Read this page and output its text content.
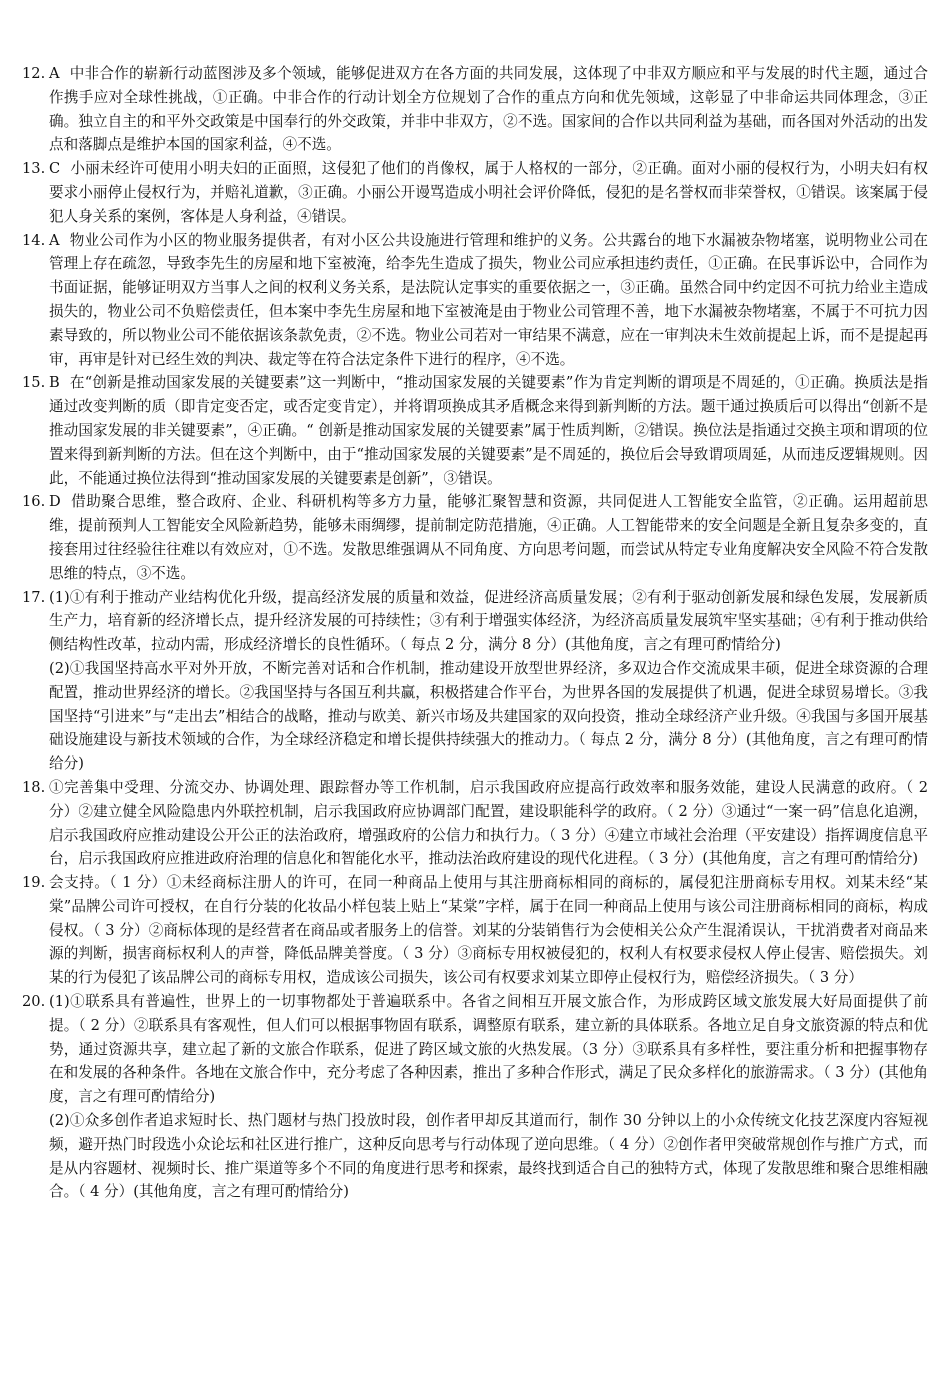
12. A 中非合作的崭新行动蓝图涉及多个领域，能够促进双方在各方面的共同发展，这体现了中非双方顺应和平与发展的时代主题，通过合作携手应对全球性挑战，①正确。中非合作的行动计划全方位规划了合作的重点方向和优先领域，这彰显了中非命运共同体理念，③正确。独立自主的和平外交政策是中国奉行的外交政策，并非中非双方，②不选。国家间的合作以共同利益为基础，而各国对外活动的出发点和落脚点是维护本国的国家利益，④不选。
13. C 小丽未经许可使用小明夫妇的正面照，这侵犯了他们的肖像权，属于人格权的一部分，②正确。面对小丽的侵权行为，小明夫妇有权要求小丽停止侵权行为，并赔礼道歉，③正确。小丽公开谩骂造成小明社会评价降低，侵犯的是名誉权而非荣誉权，①错误。该案属于侵犯人身关系的案例，客体是人身利益，④错误。
14. A 物业公司作为小区的物业服务提供者，有对小区公共设施进行管理和维护的义务。公共露台的地下水漏被杂物堵塞，说明物业公司在管理上存在疏忽，导致李先生的房屋和地下室被淹，给李先生造成了损失，物业公司应承担违约责任，①正确。在民事诉讼中，合同作为书面证据，能够证明双方当事人之间的权利义务关系，是法院认定事实的重要依据之一，③正确。虽然合同中约定因不可抗力给业主造成损失的，物业公司不负赔偿责任，但本案中李先生房屋和地下室被淹是由于物业公司管理不善，地下水漏被杂物堵塞，不属于不可抗力因素导致的，所以物业公司不能依据该条款免责，②不选。物业公司若对一审结果不满意，应在一审判决未生效前提起上诉，而不是提起再审，再审是针对已经生效的判决、裁定等在符合法定条件下进行的程序，④不选。
15. B 在“创新是推动国家发展的关键要素”这一判断中，“推动国家发展的关键要素”作为肯定判断的谓项是不周延的，①正确。换质法是指通过改变判断的质（即肯定变否定，或否定变肯定），并将谓项换成其矛盾概念来得到新判断的方法。题干通过换质后可以得出“创新不是推动国家发展的非关键要素”，④正确。“ 创新是推动国家发展的关键要素”属于性质判断，②错误。换位法是指通过交换主项和谓项的位置来得到新判断的方法。但在这个判断中，由于“推动国家发展的关键要素”是不周延的，换位后会导致谓项周延，从而违反逻辑规则。因此，不能通过换位法得到“推动国家发展的关键要素是创新”，③错误。
16. D 借助聚合思维，整合政府、企业、科研机构等多方力量，能够汇聚智慧和资源，共同促进人工智能安全监管，②正确。运用超前思维，提前预判人工智能安全风险新趋势，能够未雨绸缪，提前制定防范措施，④正确。人工智能带来的安全问题是全新且复杂多变的，直接套用过往经验往往难以有效应对，①不选。发散思维强调从不同角度、方向思考问题，而尝试从特定专业角度解决安全风险不符合发散思维的特点，③不选。
17. (1)①有利于推动产业结构优化升级，提高经济发展的质量和效益，促进经济高质量发展；②有利于驱动创新发展和绿色发展，发展新质生产力，培育新的经济增长点，提升经济发展的可持续性；③有利于增强实体经济，为经济高质量发展筑牢坚实基础；④有利于推动供给侧结构性改革，拉动内需，形成经济增长的良性循环。（ 每点 2 分，满分 8 分）(其他角度，言之有理可酌情给分)
(2)①我国坚持高水平对外开放，不断完善对话和合作机制，推动建设开放型世界经济，多双边合作交流成果丰硕，促进全球资源的合理配置，推动世界经济的增长。②我国坚持与各国互利共赢，积极搭建合作平台，为世界各国的发展提供了机遇，促进全球贸易增长。③我国坚持“引进来”与“走出去”相结合的战略，推动与欧美、新兴市场及共建国家的双向投资，推动全球经济产业升级。④我国与多国开展基础设施建设与新技术领域的合作，为全球经济稳定和增长提供持续强大的推动力。（ 每点 2 分，满分 8 分）(其他角度，言之有理可酌情给分)
18. ①完善集中受理、分流交办、协调处理、跟踪督办等工作机制，启示我国政府应提高行政效率和服务效能，建设人民满意的政府。（ 2 分）②建立健全风险隐患内外联控机制，启示我国政府应协调部门配置，建设职能科学的政府。（ 2 分）③通过“一案一码”信息化追溯，启示我国政府应推动建设公开公正的法治政府，增强政府的公信力和执行力。（ 3 分）④建立市域社会治理（平安建设）指挥调度信息平台，启示我国政府应推进政府治理的信息化和智能化水平，推动法治政府建设的现代化进程。（ 3 分）(其他角度，言之有理可酌情给分)
19. 会支持。（ 1 分）①未经商标注册人的许可，在同一种商品上使用与其注册商标相同的商标的，属侵犯注册商标专用权。刘某未经“某棠”品牌公司许可授权，在自行分装的化妆品小样包装上贴上“某棠”字样，属于在同一种商品上使用与该公司注册商标相同的商标，构成侵权。（ 3 分）②商标体现的是经营者在商品或者服务上的信誉。刘某的分装销售行为会使相关公众产生混淆误认，干扰消费者对商品来源的判断，损害商标权利人的声誉，降低品牌美誉度。（ 3 分）③商标专用权被侵犯的，权利人有权要求侵权人停止侵害、赔偿损失。刘某的行为侵犯了该品牌公司的商标专用权，造成该公司损失，该公司有权要求刘某立即停止侵权行为，赔偿经济损失。（ 3 分）
20. (1)①联系具有普遍性，世界上的一切事物都处于普遍联系中。各省之间相互开展文旅合作，为形成跨区域文旅发展大好局面提供了前提。（ 2 分）②联系具有客观性，但人们可以根据事物固有联系，调整原有联系，建立新的具体联系。各地立足自身文旅资源的特点和优势，通过资源共享，建立起了新的文旅合作联系，促进了跨区域文旅的火热发展。（3 分）③联系具有多样性，要注重分析和把握事物存在和发展的各种条件。各地在文旅合作中，充分考虑了各种因素，推出了多种合作形式，满足了民众多样化的旅游需求。（ 3 分）(其他角度，言之有理可酌情给分)
(2)①众多创作者追求短时长、热门题材与热门投放时段，创作者甲却反其道而行，制作 30 分钟以上的小众传统文化技艺深度内容短视频，避开热门时段选小众论坛和社区进行推广，这种反向思考与行动体现了逆向思维。（ 4 分）②创作者甲突破常规创作与推广方式，而是从内容题材、视频时长、推广渠道等多个不同的角度进行思考和探索，最终找到适合自己的独特方式，体现了发散思维和聚合思维相融合。（ 4 分）(其他角度，言之有理可酌情给分)
